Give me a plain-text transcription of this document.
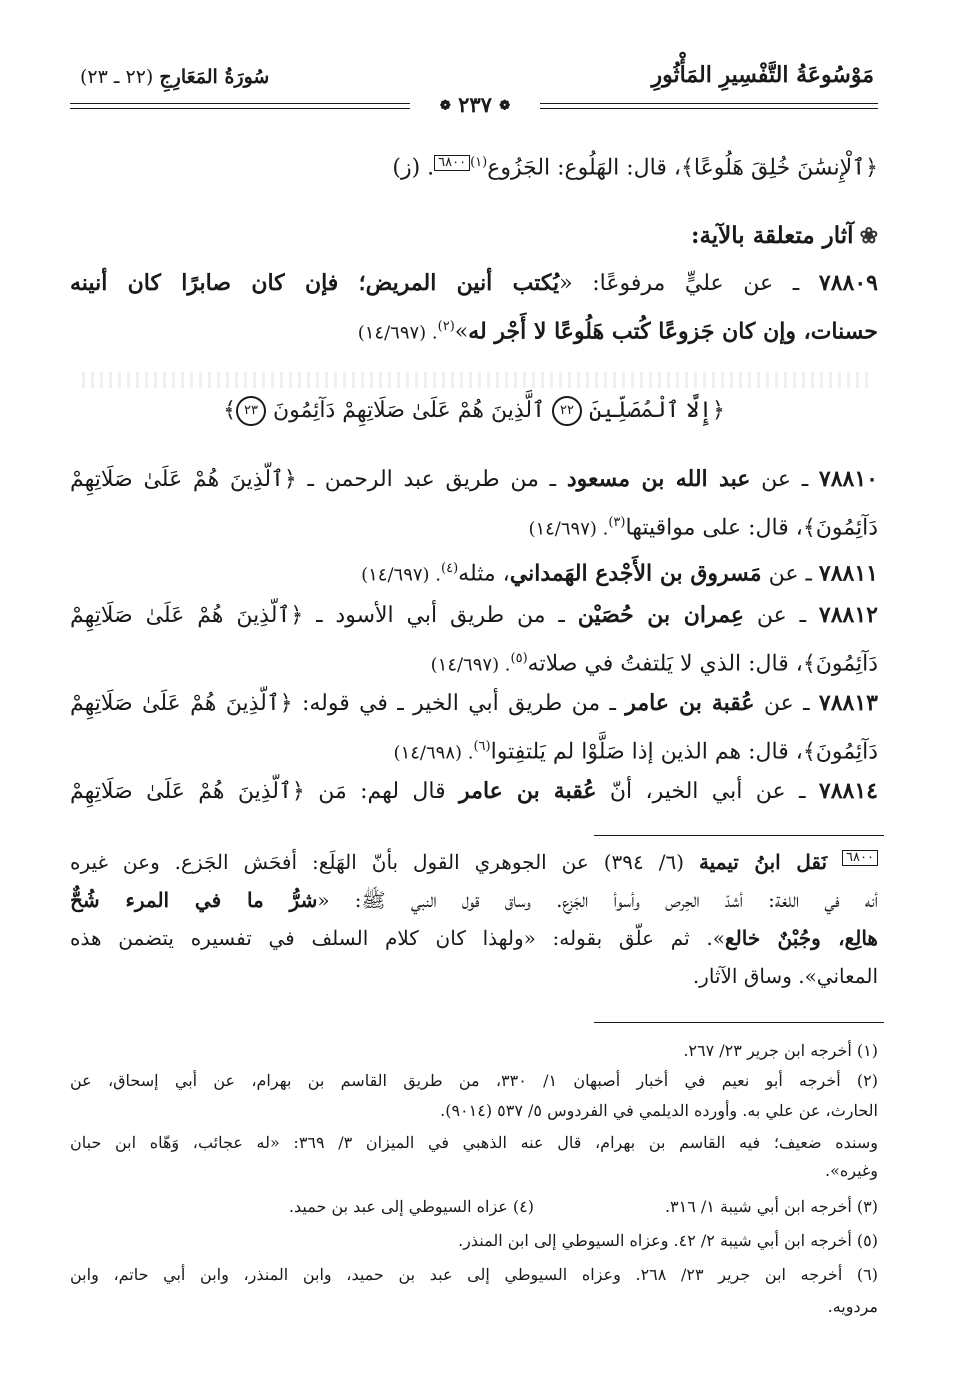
مَوْسُوعَةُ التَّفْسِيرِ المَأْثُورِ
سُورَةُ المَعَارِجِ (٢٢ ـ ٢٣)
❁ ٢٣٧ ❁
﴿ٱلْإِنسَٰنَ خُلِقَ هَلُوعًا﴾، قال: الهَلُوع: الجَزُوع$^{(١)}$٦٨٠٠. (ز)
❀آثار متعلقة بالآية:
٧٨٨٠٩ ـ عن عليٍّ مرفوعًا: «يُكتب أنين المريض؛ فإن كان صابرًا كان أنينه
حسنات، وإن كان جَزوعًا كُتب هَلُوعًا لا أَجْر له»$^{(٢)}$. (١٤/٦٩٧)
﴿إِلَّا ٱلْمُصَلِّينَ ٢٢ ٱلَّذِينَ هُمْ عَلَىٰ صَلَاتِهِمْ دَآئِمُونَ ٢٣﴾
٧٨٨١٠ ـ عن عبد الله بن مسعود ـ من طريق عبد الرحمن ـ ﴿ٱلَّذِينَ هُمْ عَلَىٰ صَلَاتِهِمْ
دَآئِمُونَ﴾، قال: على مواقيتها$^{(٣)}$. (١٤/٦٩٧)
٧٨٨١١ ـ عن مَسروق بن الأَجْدع الهَمداني، مثله$^{(٤)}$. (١٤/٦٩٧)
٧٨٨١٢ ـ عن عِمران بن حُصَيْن ـ من طريق أبي الأسود ـ ﴿ٱلَّذِينَ هُمْ عَلَىٰ صَلَاتِهِمْ
دَآئِمُونَ﴾، قال: الذي لا يَلتفتُ في صلاته$^{(٥)}$. (١٤/٦٩٧)
٧٨٨١٣ ـ عن عُقبة بن عامر ـ من طريق أبي الخير ـ في قوله: ﴿ٱلَّذِينَ هُمْ عَلَىٰ صَلَاتِهِمْ
دَآئِمُونَ﴾، قال: هم الذين إذا صَلَّوْا لم يَلتفِتوا$^{(٦)}$. (١٤/٦٩٨)
٧٨٨١٤ ـ عن أبي الخير، أنّ عُقبة بن عامر قال لهم: مَن ﴿ٱلَّذِينَ هُمْ عَلَىٰ صَلَاتِهِمْ
٦٨٠٠ نَقل ابنُ تيمية (٦/ ٣٩٤) عن الجوهري القول بأنّ الهَلَع: أفحَش الجَزع. وعن غيره
أنه في اللغة: أشدّ الحِرص وأسوأ الجَزع. وساق قول النبي ﷺ: «شرُّ ما في المرء شُحٌّ
هالِع، وجُبْنٌ خالع». ثم علّق بقوله: «ولهذا كان كلام السلف في تفسيره يتضمن هذه
المعاني». وساق الآثار.
(١) أخرجه ابن جرير ٢٣/ ٢٦٧.
(٢) أخرجه أبو نعيم في أخبار أصبهان ١/ ٣٣٠، من طريق القاسم بن بهرام، عن أبي إسحاق، عن
الحارث، عن علي به. وأورده الديلمي في الفردوس ٥/ ٥٣٧ (٩٠١٤).
وسنده ضعيف؛ فيه القاسم بن بهرام، قال عنه الذهبي في الميزان ٣/ ٣٦٩: «له عجائب، وَهّاه ابن حبان
وغيره».
(٣) أخرجه ابن أبي شيبة ١/ ٣١٦.
(٤) عزاه السيوطي إلى عبد بن حميد.
(٥) أخرجه ابن أبي شيبة ٢/ ٤٢. وعزاه السيوطي إلى ابن المنذر.
(٦) أخرجه ابن جرير ٢٣/ ٢٦٨. وعزاه السيوطي إلى عبد بن حميد، وابن المنذر، وابن أبي حاتم، وابن
مردويه.
